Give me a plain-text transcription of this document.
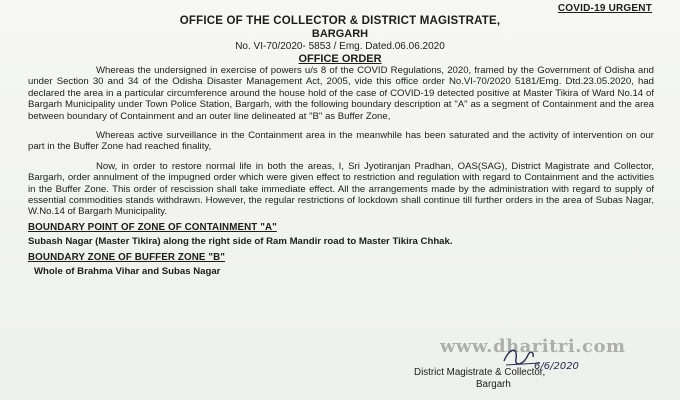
COVID-19 URGENT
OFFICE OF THE COLLECTOR & DISTRICT MAGISTRATE,
BARGARH
No. VI-70/2020- 5853 / Emg. Dated.06.06.2020
OFFICE ORDER

Whereas the undersigned in exercise of powers u/s 8 of the COVID Regulations, 2020, framed by the Government of Odisha and under Section 30 and 34 of the Odisha Disaster Management Act, 2005, vide this office order No.VI-70/2020 5181/Emg. Dtd.23.05.2020, had declared the area in a particular circumference around the house hold of the case of COVID-19 detected positive at Master Tikira of Ward No.14 of Bargarh Municipality under Town Police Station, Bargarh, with the following boundary description at "A" as a segment of Containment and the area between boundary of Containment and an outer line delineated at "B" as Buffer Zone,

Whereas active surveillance in the Containment area in the meanwhile has been saturated and the activity of intervention on our part in the Buffer Zone had reached finality,

Now, in order to restore normal life in both the areas, I, Sri Jyotiranjan Pradhan, OAS(SAG), District Magistrate and Collector, Bargarh, order annulment of the impugned order which were given effect to restriction and regulation with regard to Containment and the activities in the Buffer Zone. This order of rescission shall take immediate effect. All the arrangements made by the administration with regard to supply of essential commodities stands withdrawn. However, the regular restrictions of lockdown shall continue till further orders in the area of Subas Nagar, W.No.14 of Bargarh Municipality.

BOUNDARY POINT OF ZONE OF CONTAINMENT "A"
Subash Nagar (Master Tikira) along the right side of Ram Mandir road to Master Tikira Chhak.
BOUNDARY ZONE OF BUFFER ZONE "B"
Whole of Brahma Vihar and Subas Nagar
www.dharitri.com
6/6/2020
District Magistrate & Collector,
Bargarh
